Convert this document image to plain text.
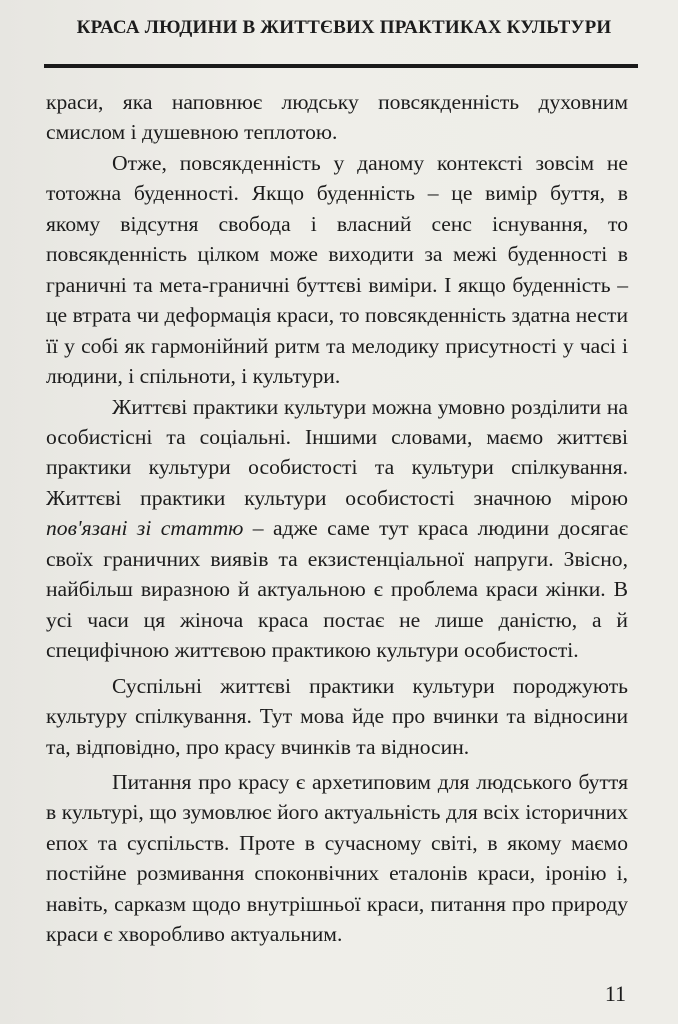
КРАСА ЛЮДИНИ В ЖИТТЄВИХ ПРАКТИКАХ КУЛЬТУРИ

краси, яка наповнює людську повсякденність духовним смислом і душевною теплотою.

Отже, повсякденність у даному контексті зовсім не тотожна буденності. Якщо буденність – це вимір буття, в якому відсутня свобода і власний сенс існування, то повсякденність цілком може виходити за межі буденності в граничні та мета-граничні буттєві виміри. І якщо буденність – це втрата чи деформація краси, то повсякденність здатна нести її у собі як гармонійний ритм та мелодику присутності у часі і людини, і спільноти, і культури.

Життєві практики культури можна умовно розділити на особистісні та соціальні. Іншими словами, маємо життєві практики культури особистості та культури спілкування. Життєві практики культури особистості значною мірою пов'язані зі статтю – адже саме тут краса людини досягає своїх граничних виявів та екзистенціальної напруги. Звісно, найбільш виразною й актуальною є проблема краси жінки. В усі часи ця жіноча краса постає не лише даністю, а й специфічною життєвою практикою культури особистості.

Суспільні життєві практики культури породжують культуру спілкування. Тут мова йде про вчинки та відносини та, відповідно, про красу вчинків та відносин.

Питання про красу є архетиповим для людського буття в культурі, що зумовлює його актуальність для всіх історичних епох та суспільств. Проте в сучасному світі, в якому маємо постійне розмивання споконвічних еталонів краси, іронію і, навіть, сарказм щодо внутрішньої краси, питання про природу краси є хворобливо актуальним.

11
